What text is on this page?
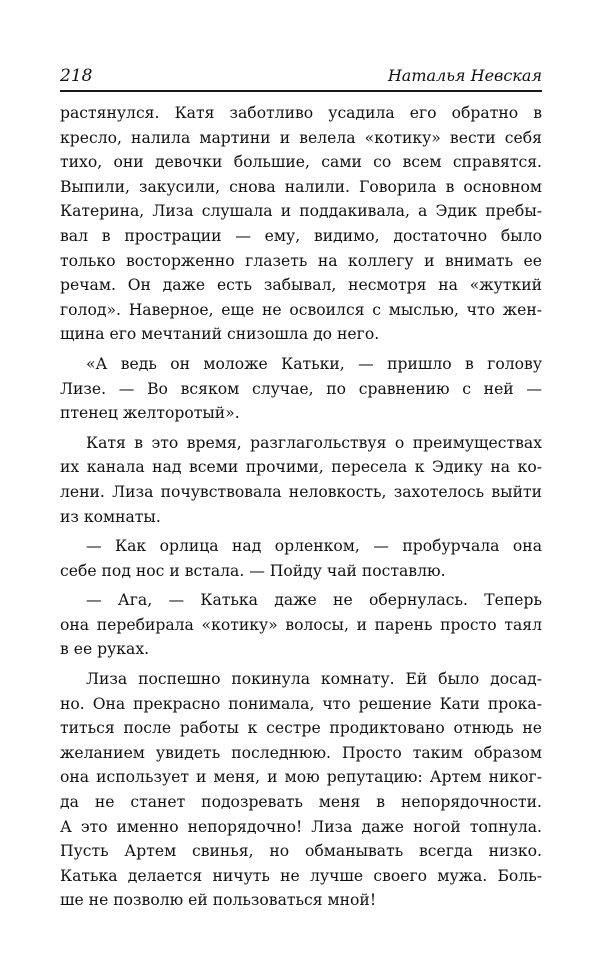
218	Наталья Невская
растянулся. Катя заботливо усадила его обратно в
кресло, налила мартини и велела «котику» вести себя
тихо, они девочки большие, сами со всем справятся.
Выпили, закусили, снова налили. Говорила в основном
Катерина, Лиза слушала и поддакивала, а Эдик пребы-
вал в прострации — ему, видимо, достаточно было
только восторженно глазеть на коллегу и внимать ее
речам. Он даже есть забывал, несмотря на «жуткий
голод». Наверное, еще не освоился с мыслью, что жен-
щина его мечтаний снизошла до него.
«А ведь он моложе Катьки, — пришло в голову
Лизе. — Во всяком случае, по сравнению с ней —
птенец желторотый».
Катя в это время, разглагольствуя о преимуществах
их канала над всеми прочими, пересела к Эдику на ко-
лени. Лиза почувствовала неловкость, захотелось выйти
из комнаты.
— Как орлица над орленком, — пробурчала она
себе под нос и встала. — Пойду чай поставлю.
— Ага, — Катька даже не обернулась. Теперь
она перебирала «котику» волосы, и парень просто таял
в ее руках.
Лиза поспешно покинула комнату. Ей было досад-
но. Она прекрасно понимала, что решение Кати прока-
титься после работы к сестре продиктовано отнюдь не
желанием увидеть последнюю. Просто таким образом
она использует и меня, и мою репутацию: Артем никог-
да не станет подозревать меня в непорядочности.
А это именно непорядочно! Лиза даже ногой топнула.
Пусть Артем свинья, но обманывать всегда низко.
Катька делается ничуть не лучше своего мужа. Боль-
ше не позволю ей пользоваться мной!
